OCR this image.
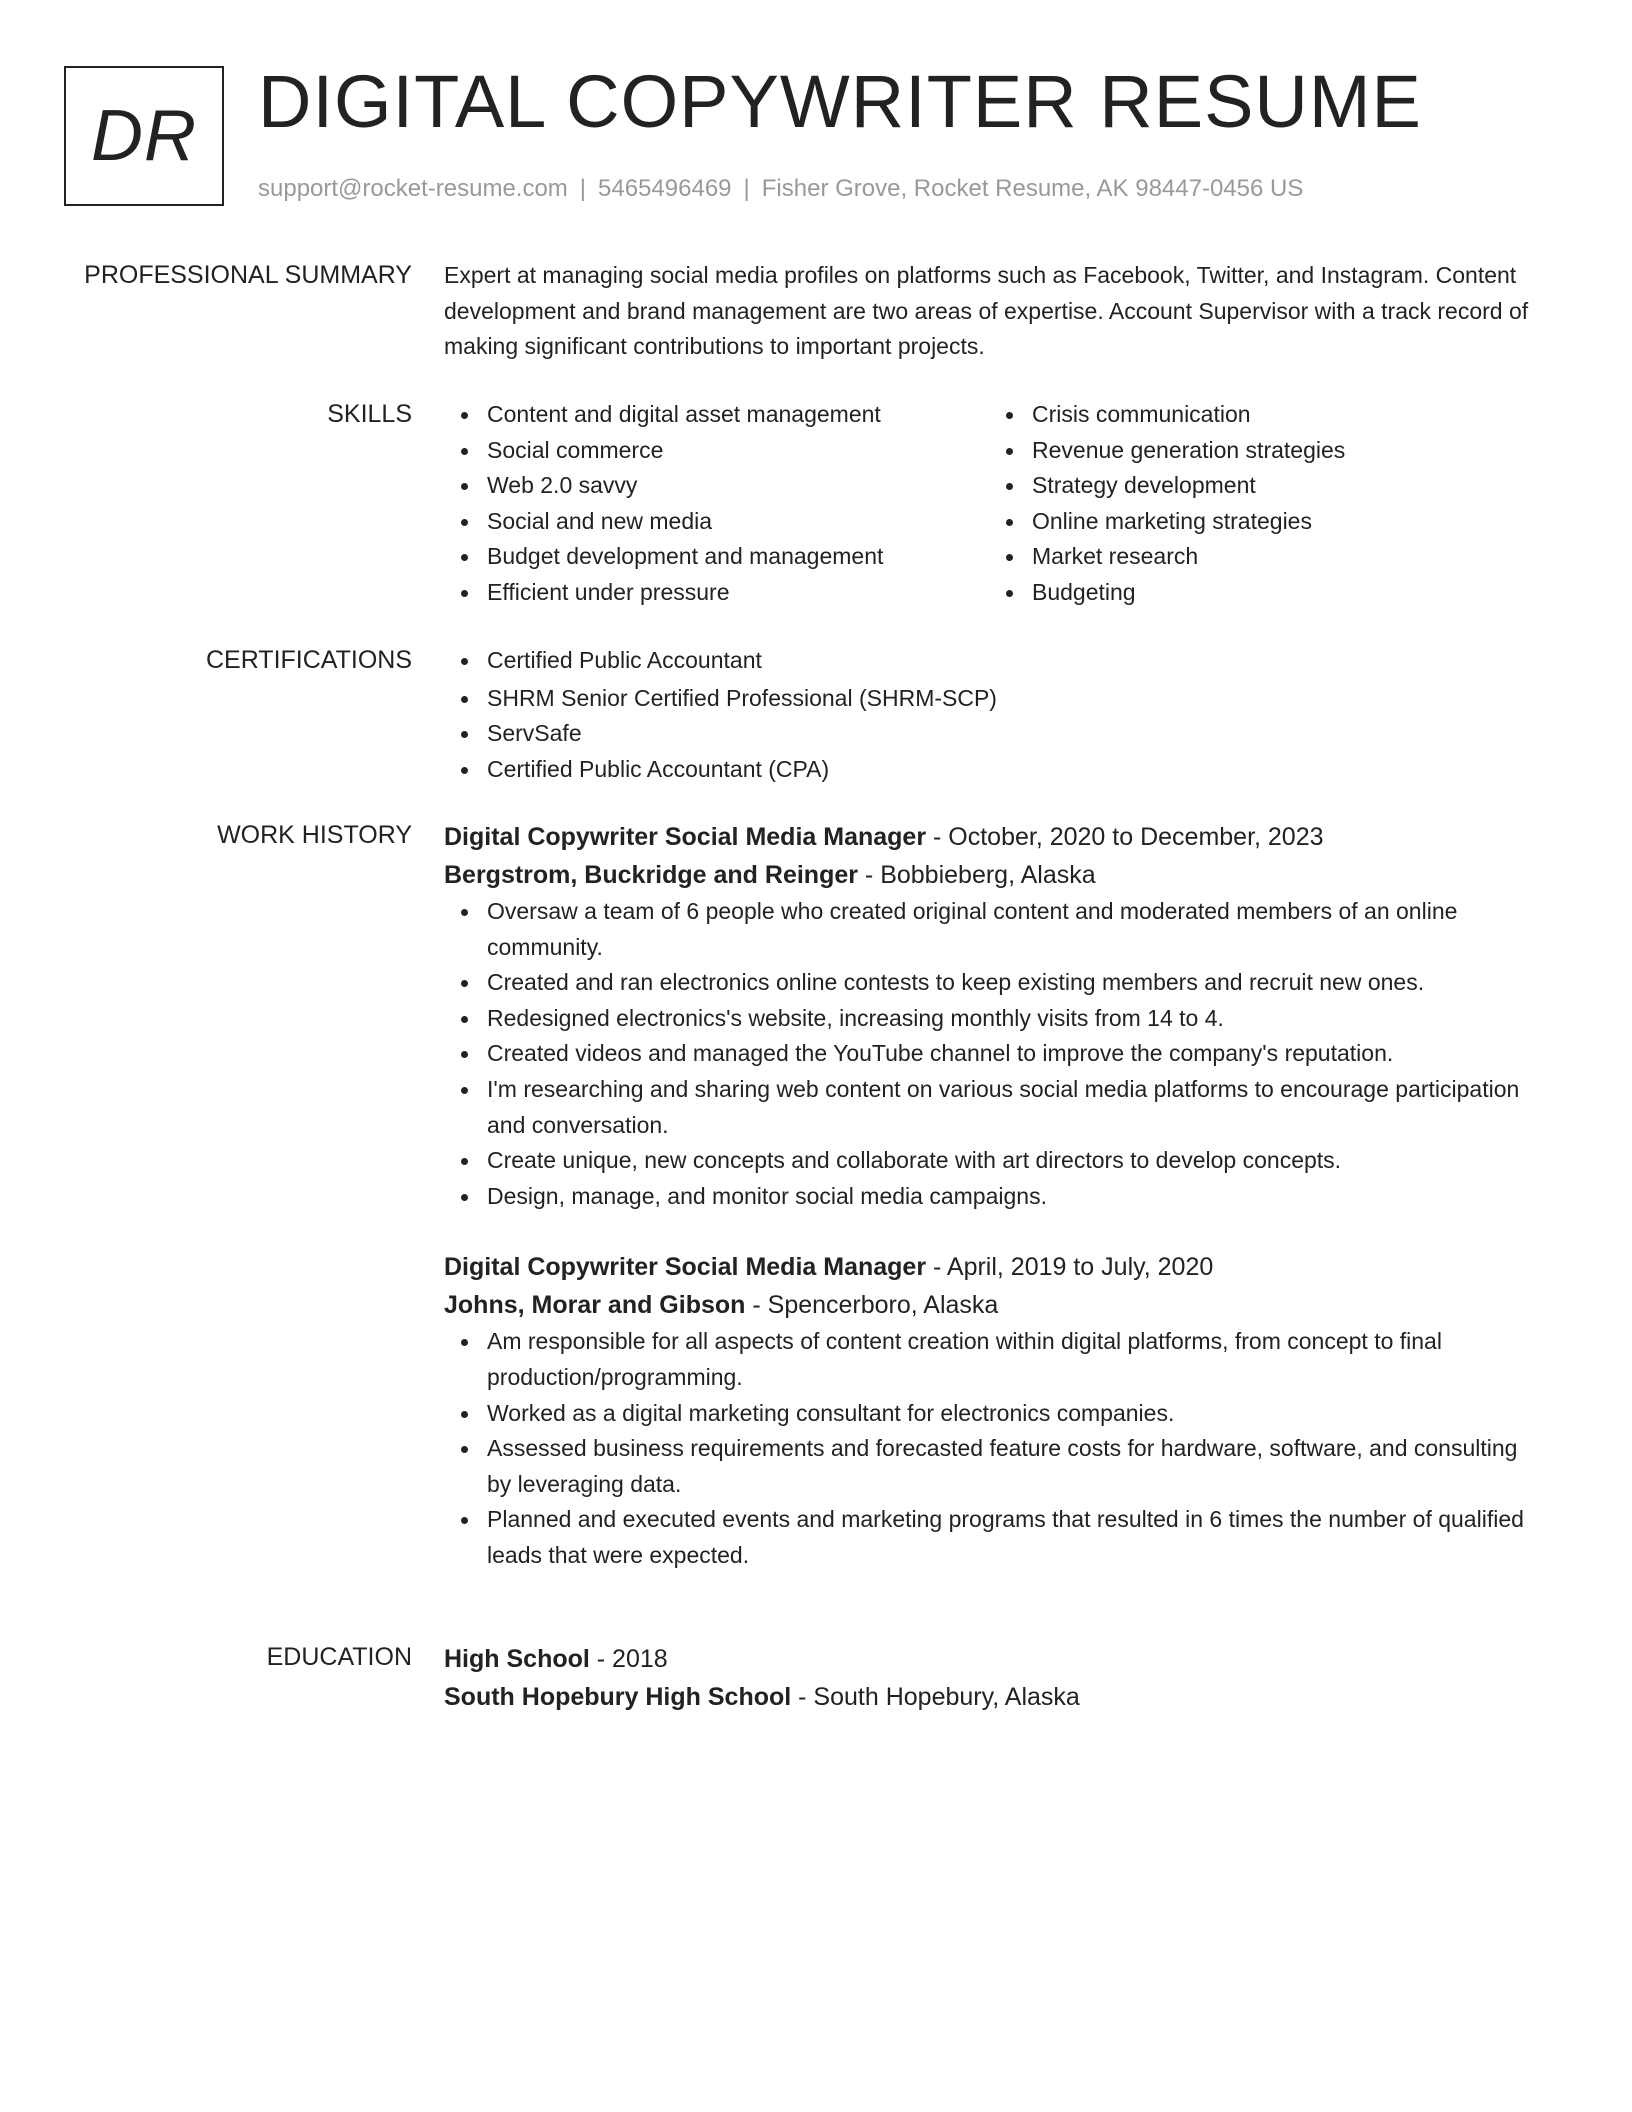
DR DIGITAL COPYWRITER RESUME
support@rocket-resume.com | 5465496469 | Fisher Grove, Rocket Resume, AK 98447-0456 US
PROFESSIONAL SUMMARY Expert at managing social media profiles on platforms such as Facebook, Twitter, and Instagram. Content development and brand management are two areas of expertise. Account Supervisor with a track record of making significant contributions to important projects.

SKILLS	Content and digital asset management
Social commerce
Web 2.0 savvy
Social and new media
Budget development and management
Efficient under pressure
Crisis communication
Revenue generation strategies
Strategy development
Online marketing strategies
Market research
Budgeting
CERTIFICATIONS	Certified Public Accountant
SHRM Senior Certified Professional (SHRM-SCP)
ServSafe
Certified Public Accountant (CPA)
WORK HISTORY Digital Copywriter Social Media Manager - October, 2020 to December, 2023
Bergstrom, Buckridge and Reinger - Bobbieberg, Alaska
Oversaw a team of 6 people who created original content and moderated members of an online community.
Created and ran electronics online contests to keep existing members and recruit new ones.
Redesigned electronics's website, increasing monthly visits from 14 to 4.
Created videos and managed the YouTube channel to improve the company's reputation.
I'm researching and sharing web content on various social media platforms to encourage participation and conversation.
Create unique, new concepts and collaborate with art directors to develop concepts.
Design, manage, and monitor social media campaigns.
Digital Copywriter Social Media Manager - April, 2019 to July, 2020
Johns, Morar and Gibson - Spencerboro, Alaska
Am responsible for all aspects of content creation within digital platforms, from concept to final production/programming.
Worked as a digital marketing consultant for electronics companies.
Assessed business requirements and forecasted feature costs for hardware, software, and consulting by leveraging data.
Planned and executed events and marketing programs that resulted in 6 times the number of qualified leads that were expected.
EDUCATION High School - 2018
South Hopebury High School - South Hopebury, Alaska
